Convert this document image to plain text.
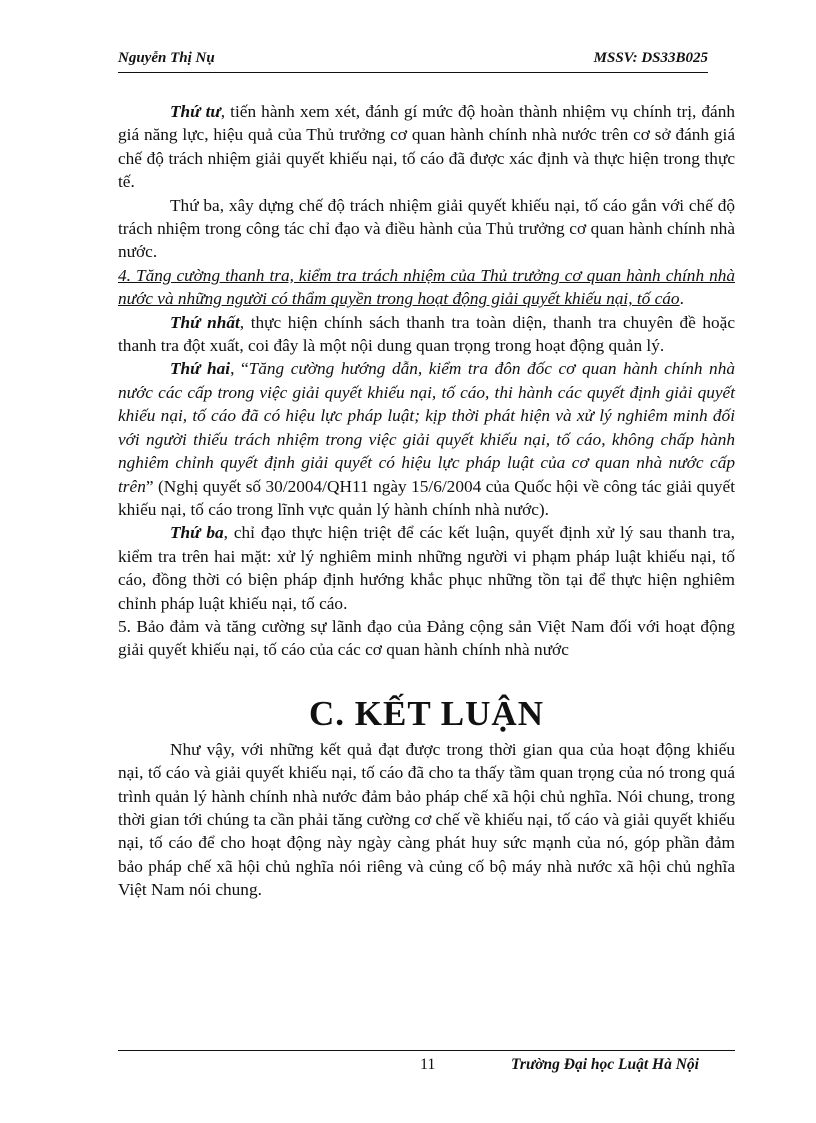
Nguyễn Thị Nụ	MSSV: DS33B025

Thứ tư, tiến hành xem xét, đánh gí mức độ hoàn thành nhiệm vụ chính trị, đánh giá năng lực, hiệu quả của Thủ trưởng cơ quan hành chính nhà nước trên cơ sở đánh giá chế độ trách nhiệm giải quyết khiếu nại, tố cáo đã được xác định và thực hiện trong thực tế.

Thứ ba, xây dựng chế độ trách nhiệm giải quyết khiếu nại, tố cáo gắn với chế độ trách nhiệm trong công tác chỉ đạo và điều hành của Thủ trưởng cơ quan hành chính nhà nước.

4. Tăng cường thanh tra, kiểm tra trách nhiệm của Thủ trưởng cơ quan hành chính nhà nước và những người có thẩm quyền trong hoạt động giải quyết khiếu nại, tố cáo.

Thứ nhất, thực hiện chính sách thanh tra toàn diện, thanh tra chuyên đề hoặc thanh tra đột xuất, coi đây là một nội dung quan trọng trong hoạt động quản lý.

Thứ hai, “Tăng cường hướng dẫn, kiểm tra đôn đốc cơ quan hành chính nhà nước các cấp trong việc giải quyết khiếu nại, tố cáo, thi hành các quyết định giải quyết khiếu nại, tố cáo đã có hiệu lực pháp luật; kịp thời phát hiện và xử lý nghiêm minh đối với người thiếu trách nhiệm trong việc giải quyết khiếu nại, tố cáo, không chấp hành nghiêm chỉnh quyết định giải quyết có hiệu lực pháp luật của cơ quan nhà nước cấp trên” (Nghị quyết số 30/2004/QH11 ngày 15/6/2004 của Quốc hội về công tác giải quyết khiếu nại, tố cáo trong lĩnh vực quản lý hành chính nhà nước).

Thứ ba, chỉ đạo thực hiện triệt để các kết luận, quyết định xử lý sau thanh tra, kiểm tra trên hai mặt: xử lý nghiêm minh những người vi phạm pháp luật khiếu nại, tố cáo, đồng thời có biện pháp định hướng khắc phục những tồn tại để thực hiện nghiêm chỉnh pháp luật khiếu nại, tố cáo.

5. Bảo đảm và tăng cường sự lãnh đạo của Đảng cộng sản Việt Nam đối với hoạt động giải quyết khiếu nại, tố cáo của các cơ quan hành chính nhà nước

C. KẾT LUẬN

Như vậy, với những kết quả đạt được trong thời gian qua của hoạt động khiếu nại, tố cáo và giải quyết khiếu nại, tố cáo đã cho ta thấy tầm quan trọng của nó trong quá trình quản lý hành chính nhà nước đảm bảo pháp chế xã hội chủ nghĩa. Nói chung, trong thời gian tới chúng ta cần phải tăng cường cơ chế về khiếu nại, tố cáo và giải quyết khiếu nại, tố cáo để cho hoạt động này ngày càng phát huy sức mạnh của nó, góp phần đảm bảo pháp chế xã hội chủ nghĩa nói riêng và củng cố bộ máy nhà nước xã hội chủ nghĩa Việt Nam nói chung.

11	Trường Đại học Luật Hà Nội
